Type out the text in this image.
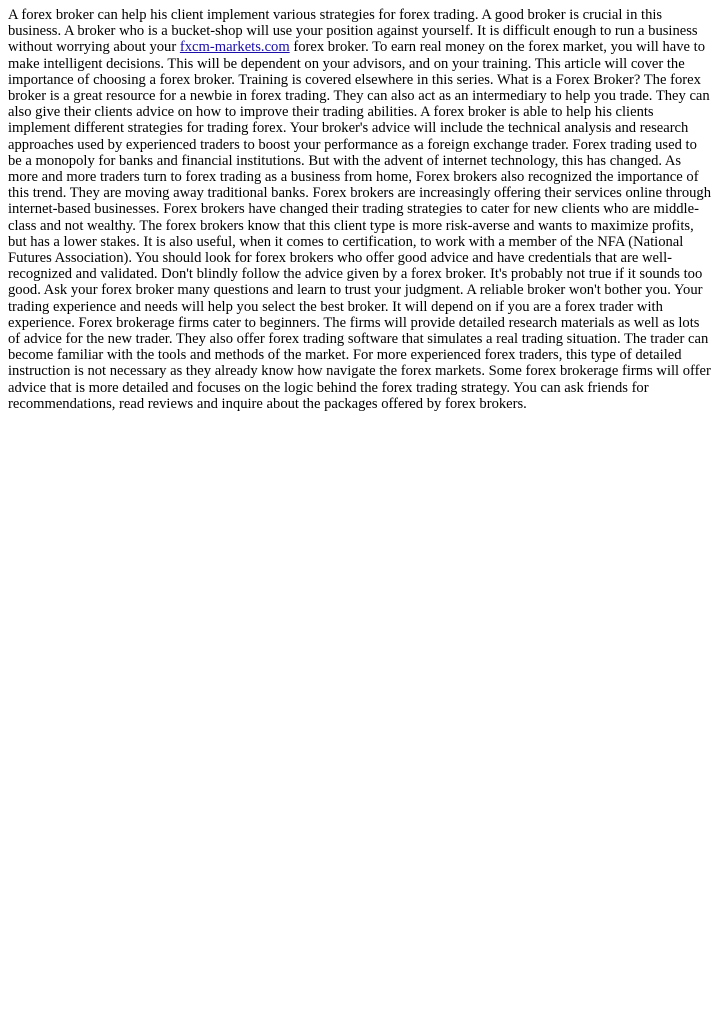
A forex broker can help his client implement various strategies for forex trading. A good broker is crucial in this business. A broker who is a bucket-shop will use your position against yourself. It is difficult enough to run a business without worrying about your fxcm-markets.com forex broker. To earn real money on the forex market, you will have to make intelligent decisions. This will be dependent on your advisors, and on your training. This article will cover the importance of choosing a forex broker. Training is covered elsewhere in this series. What is a Forex Broker? The forex broker is a great resource for a newbie in forex trading. They can also act as an intermediary to help you trade. They can also give their clients advice on how to improve their trading abilities. A forex broker is able to help his clients implement different strategies for trading forex. Your broker's advice will include the technical analysis and research approaches used by experienced traders to boost your performance as a foreign exchange trader. Forex trading used to be a monopoly for banks and financial institutions. But with the advent of internet technology, this has changed. As more and more traders turn to forex trading as a business from home, Forex brokers also recognized the importance of this trend. They are moving away traditional banks. Forex brokers are increasingly offering their services online through internet-based businesses. Forex brokers have changed their trading strategies to cater for new clients who are middle-class and not wealthy. The forex brokers know that this client type is more risk-averse and wants to maximize profits, but has a lower stakes. It is also useful, when it comes to certification, to work with a member of the NFA (National Futures Association). You should look for forex brokers who offer good advice and have credentials that are well-recognized and validated. Don't blindly follow the advice given by a forex broker. It's probably not true if it sounds too good. Ask your forex broker many questions and learn to trust your judgment. A reliable broker won't bother you. Your trading experience and needs will help you select the best broker. It will depend on if you are a forex trader with experience. Forex brokerage firms cater to beginners. The firms will provide detailed research materials as well as lots of advice for the new trader. They also offer forex trading software that simulates a real trading situation. The trader can become familiar with the tools and methods of the market. For more experienced forex traders, this type of detailed instruction is not necessary as they already know how navigate the forex markets. Some forex brokerage firms will offer advice that is more detailed and focuses on the logic behind the forex trading strategy. You can ask friends for recommendations, read reviews and inquire about the packages offered by forex brokers.
